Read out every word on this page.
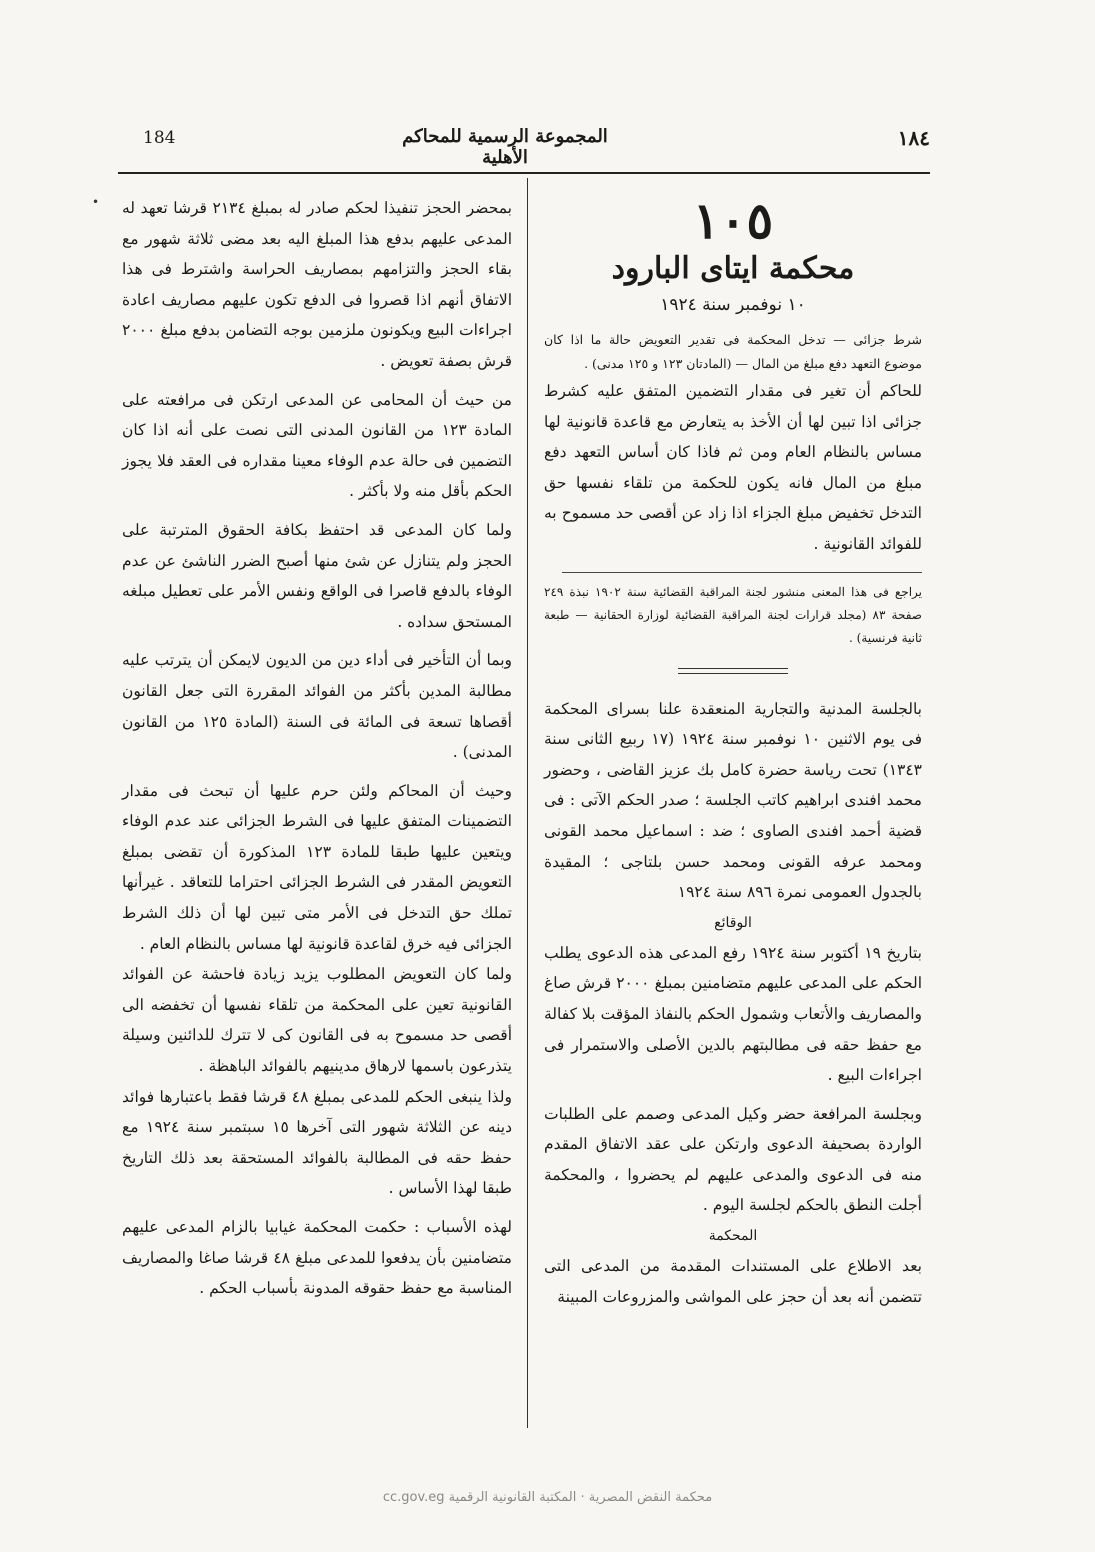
184	المجموعة الرسمية للمحاكم الأهلية
١٨٤
١٠٥
محكمة ايتاى البارود
١٠ نوفمبر سنة ١٩٢٤

شرط جزائى — تدخل المحكمة فى تقدير التعويض حالة ما اذا كان موضوع التعهد دفع مبلغ من المال — (المادتان ١٢٣ و ١٢٥ مدنى) .

للحاكم أن تغير فى مقدار التضمين المتفق عليه كشرط جزائى اذا تبين لها أن الأخذ به يتعارض مع قاعدة قانونية لها مساس بالنظام العام ومن ثم فاذا كان أساس التعهد دفع مبلغ من المال فانه يكون للحكمة من تلقاء نفسها حق التدخل تخفيض مبلغ الجزاء اذا زاد عن أقصى حد مسموح به للفوائد القانونية .

يراجع فى هذا المعنى منشور لجنة المراقبة القضائية سنة ١٩٠٢ نبذة ٢٤٩ صفحة ٨٣ (مجلد قرارات لجنة المراقبة القضائية لوزارة الحقانية — طبعة ثانية فرنسية) .

بالجلسة المدنية والتجارية المنعقدة علنا بسراى المحكمة فى يوم الاثنين ١٠ نوفمبر سنة ١٩٢٤ (١٧ ربيع الثانى سنة ١٣٤٣) تحت رياسة حضرة كامل بك عزيز القاضى ، وحضور محمد افندى ابراهيم كاتب الجلسة ؛ صدر الحكم الآتى : فى قضية أحمد افندى الصاوى ؛ ضد : اسماعيل محمد القونى ومحمد عرفه القونى ومحمد حسن بلتاجى ؛ المقيدة بالجدول العمومى نمرة ٨٩٦ سنة ١٩٢٤

الوقائع

بتاريخ ١٩ أكتوبر سنة ١٩٢٤ رفع المدعى هذه الدعوى يطلب الحكم على المدعى عليهم متضامنين بمبلغ ٢٠٠٠ قرش صاغ والمصاريف والأتعاب وشمول الحكم بالنفاذ المؤقت بلا كفالة مع حفظ حقه فى مطالبتهم بالدين الأصلى والاستمرار فى اجراءات البيع .

وبجلسة المرافعة حضر وكيل المدعى وصمم على الطلبات الواردة بصحيفة الدعوى وارتكن على عقد الاتفاق المقدم منه فى الدعوى والمدعى عليهم لم يحضروا ، والمحكمة أجلت النطق بالحكم لجلسة اليوم .

المحكمة

بعد الاطلاع على المستندات المقدمة من المدعى التى تتضمن أنه بعد أن حجز على المواشى والمزروعات المبينة

بمحضر الحجز تنفيذا لحكم صادر له بمبلغ ٢١٣٤ قرشا تعهد له المدعى عليهم بدفع هذا المبلغ اليه بعد مضى ثلاثة شهور مع بقاء الحجز والتزامهم بمصاريف الحراسة واشترط فى هذا الاتفاق أنهم اذا قصروا فى الدفع تكون عليهم مصاريف اعادة اجراءات البيع ويكونون ملزمين بوجه التضامن بدفع مبلغ ٢٠٠٠ قرش بصفة تعويض .

من حيث أن المحامى عن المدعى ارتكن فى مرافعته على المادة ١٢٣ من القانون المدنى التى نصت على أنه اذا كان التضمين فى حالة عدم الوفاء معينا مقداره فى العقد فلا يجوز الحكم بأقل منه ولا بأكثر .

ولما كان المدعى قد احتفظ بكافة الحقوق المترتبة على الحجز ولم يتنازل عن شئ منها أصبح الضرر الناشئ عن عدم الوفاء بالدفع قاصرا فى الواقع ونفس الأمر على تعطيل مبلغه المستحق سداده .

وبما أن التأخير فى أداء دين من الديون لايمكن أن يترتب عليه مطالبة المدين بأكثر من الفوائد المقررة التى جعل القانون أقصاها تسعة فى المائة فى السنة (المادة ١٢٥ من القانون المدنى) .

وحيث أن المحاكم ولئن حرم عليها أن تبحث فى مقدار التضمينات المتفق عليها فى الشرط الجزائى عند عدم الوفاء ويتعين عليها طبقا للمادة ١٢٣ المذكورة أن تقضى بمبلغ التعويض المقدر فى الشرط الجزائى احتراما للتعاقد . غيرأنها تملك حق التدخل فى الأمر متى تبين لها أن ذلك الشرط الجزائى فيه خرق لقاعدة قانونية لها مساس بالنظام العام .

ولما كان التعويض المطلوب يزيد زيادة فاحشة عن الفوائد القانونية تعين على المحكمة من تلقاء نفسها أن تخفضه الى أقصى حد مسموح به فى القانون كى لا تترك للدائنين وسيلة يتذرعون باسمها لارهاق مدينيهم بالفوائد الباهظة .

ولذا ينبغى الحكم للمدعى بمبلغ ٤٨ قرشا فقط باعتبارها فوائد دينه عن الثلاثة شهور التى آخرها ١٥ سبتمبر سنة ١٩٢٤ مع حفظ حقه فى المطالبة بالفوائد المستحقة بعد ذلك التاريخ طبقا لهذا الأساس .

لهذه الأسباب : حكمت المحكمة غيابيا بالزام المدعى عليهم متضامنين بأن يدفعوا للمدعى مبلغ ٤٨ قرشا صاغا والمصاريف المناسبة مع حفظ حقوقه المدونة بأسباب الحكم .

•
محكمة النقض المصرية · المكتبة القانونية الرقمية cc.gov.eg
